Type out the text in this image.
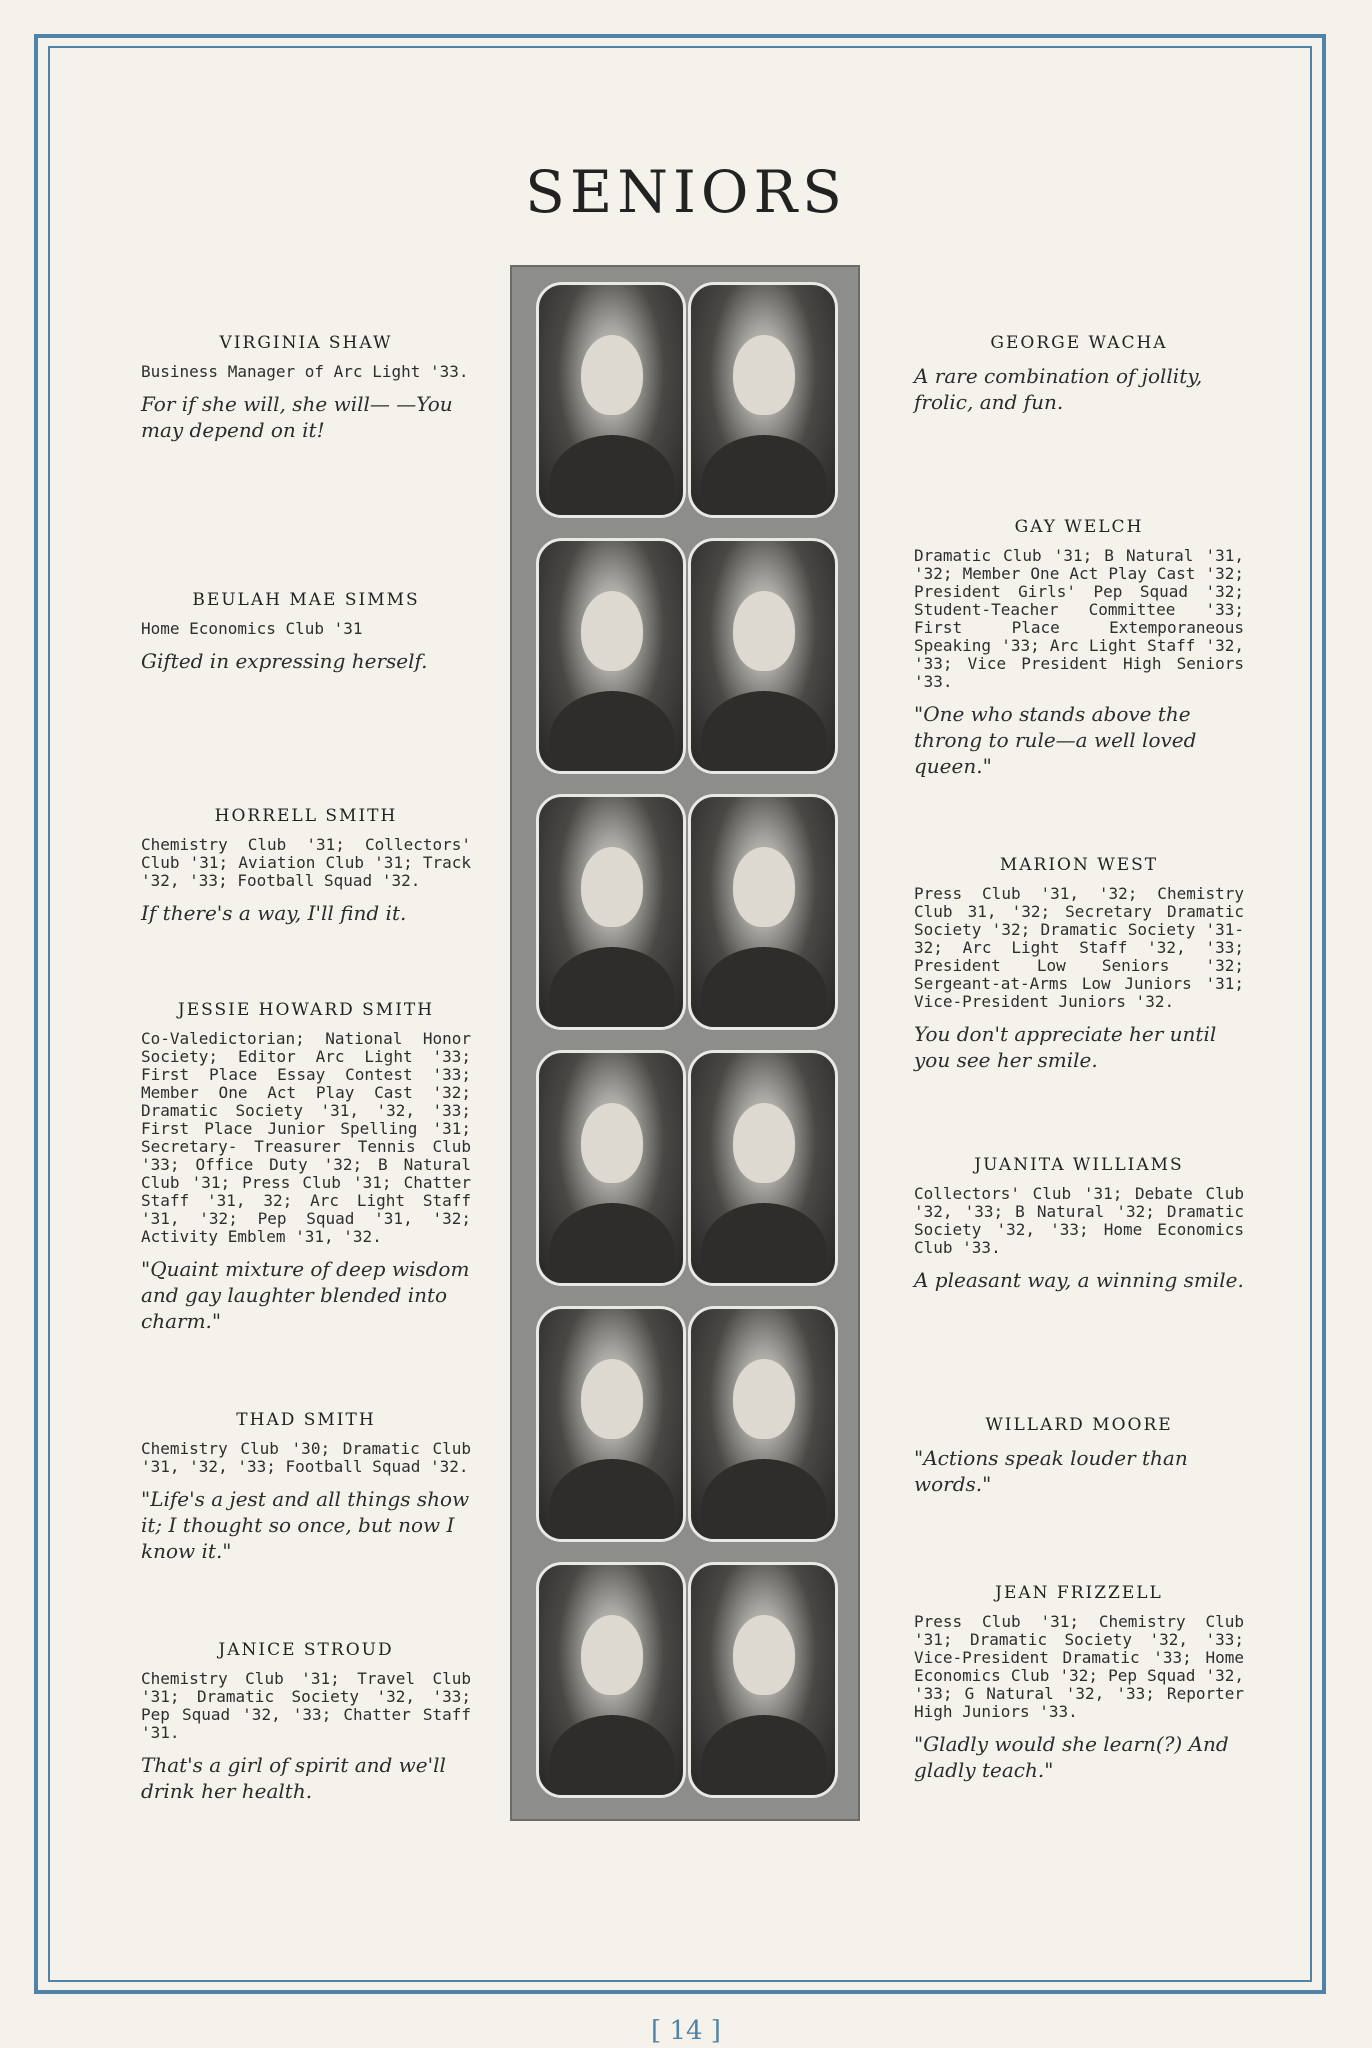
SENIORS
VIRGINIA SHAW
Business Manager of Arc Light '33.
For if she will, she will— —You may depend on it!
BEULAH MAE SIMMS
Home Economics Club '31
Gifted in expressing herself.
HORRELL SMITH
Chemistry Club '31; Collectors' Club '31; Aviation Club '31; Track '32, '33; Football Squad '32.
If there's a way, I'll find it.
JESSIE HOWARD SMITH
Co-Valedictorian; National Honor Society; Editor Arc Light '33; First Place Essay Contest '33; Member One Act Play Cast '32; Dramatic Society '31, '32, '33; First Place Junior Spelling '31; Secretary- Treasurer Tennis Club '33; Office Duty '32; B Natural Club '31; Press Club '31; Chatter Staff '31, 32; Arc Light Staff '31, '32; Pep Squad '31, '32; Activity Emblem '31, '32.
"Quaint mixture of deep wisdom and gay laughter blended into charm."
THAD SMITH
Chemistry Club '30; Dramatic Club '31, '32, '33; Football Squad '32.
"Life's a jest and all things show it; I thought so once, but now I know it."
JANICE STROUD
Chemistry Club '31; Travel Club '31; Dramatic Society '32, '33; Pep Squad '32, '33; Chatter Staff '31.
That's a girl of spirit and we'll drink her health.
GEORGE WACHA
A rare combination of jollity, frolic, and fun.
GAY WELCH
Dramatic Club '31; B Natural '31, '32; Member One Act Play Cast '32; President Girls' Pep Squad '32; Student-Teacher Committee '33; First Place Extemporaneous Speaking '33; Arc Light Staff '32, '33; Vice President High Seniors '33.
"One who stands above the throng to rule—a well loved queen."
MARION WEST
Press Club '31, '32; Chemistry Club 31, '32; Secretary Dramatic Society '32; Dramatic Society '31-32; Arc Light Staff '32, '33; President Low Seniors '32; Sergeant-at-Arms Low Juniors '31; Vice-President Juniors '32.
You don't appreciate her until you see her smile.
JUANITA WILLIAMS
Collectors' Club '31; Debate Club '32, '33; B Natural '32; Dramatic Society '32, '33; Home Economics Club '33.
A pleasant way, a winning smile.
WILLARD MOORE
"Actions speak louder than words."
JEAN FRIZZELL
Press Club '31; Chemistry Club '31; Dramatic Society '32, '33; Vice-President Dramatic '33; Home Economics Club '32; Pep Squad '32, '33; G Natural '32, '33; Reporter High Juniors '33.
"Gladly would she learn(?) And gladly teach."
[ 14 ]
